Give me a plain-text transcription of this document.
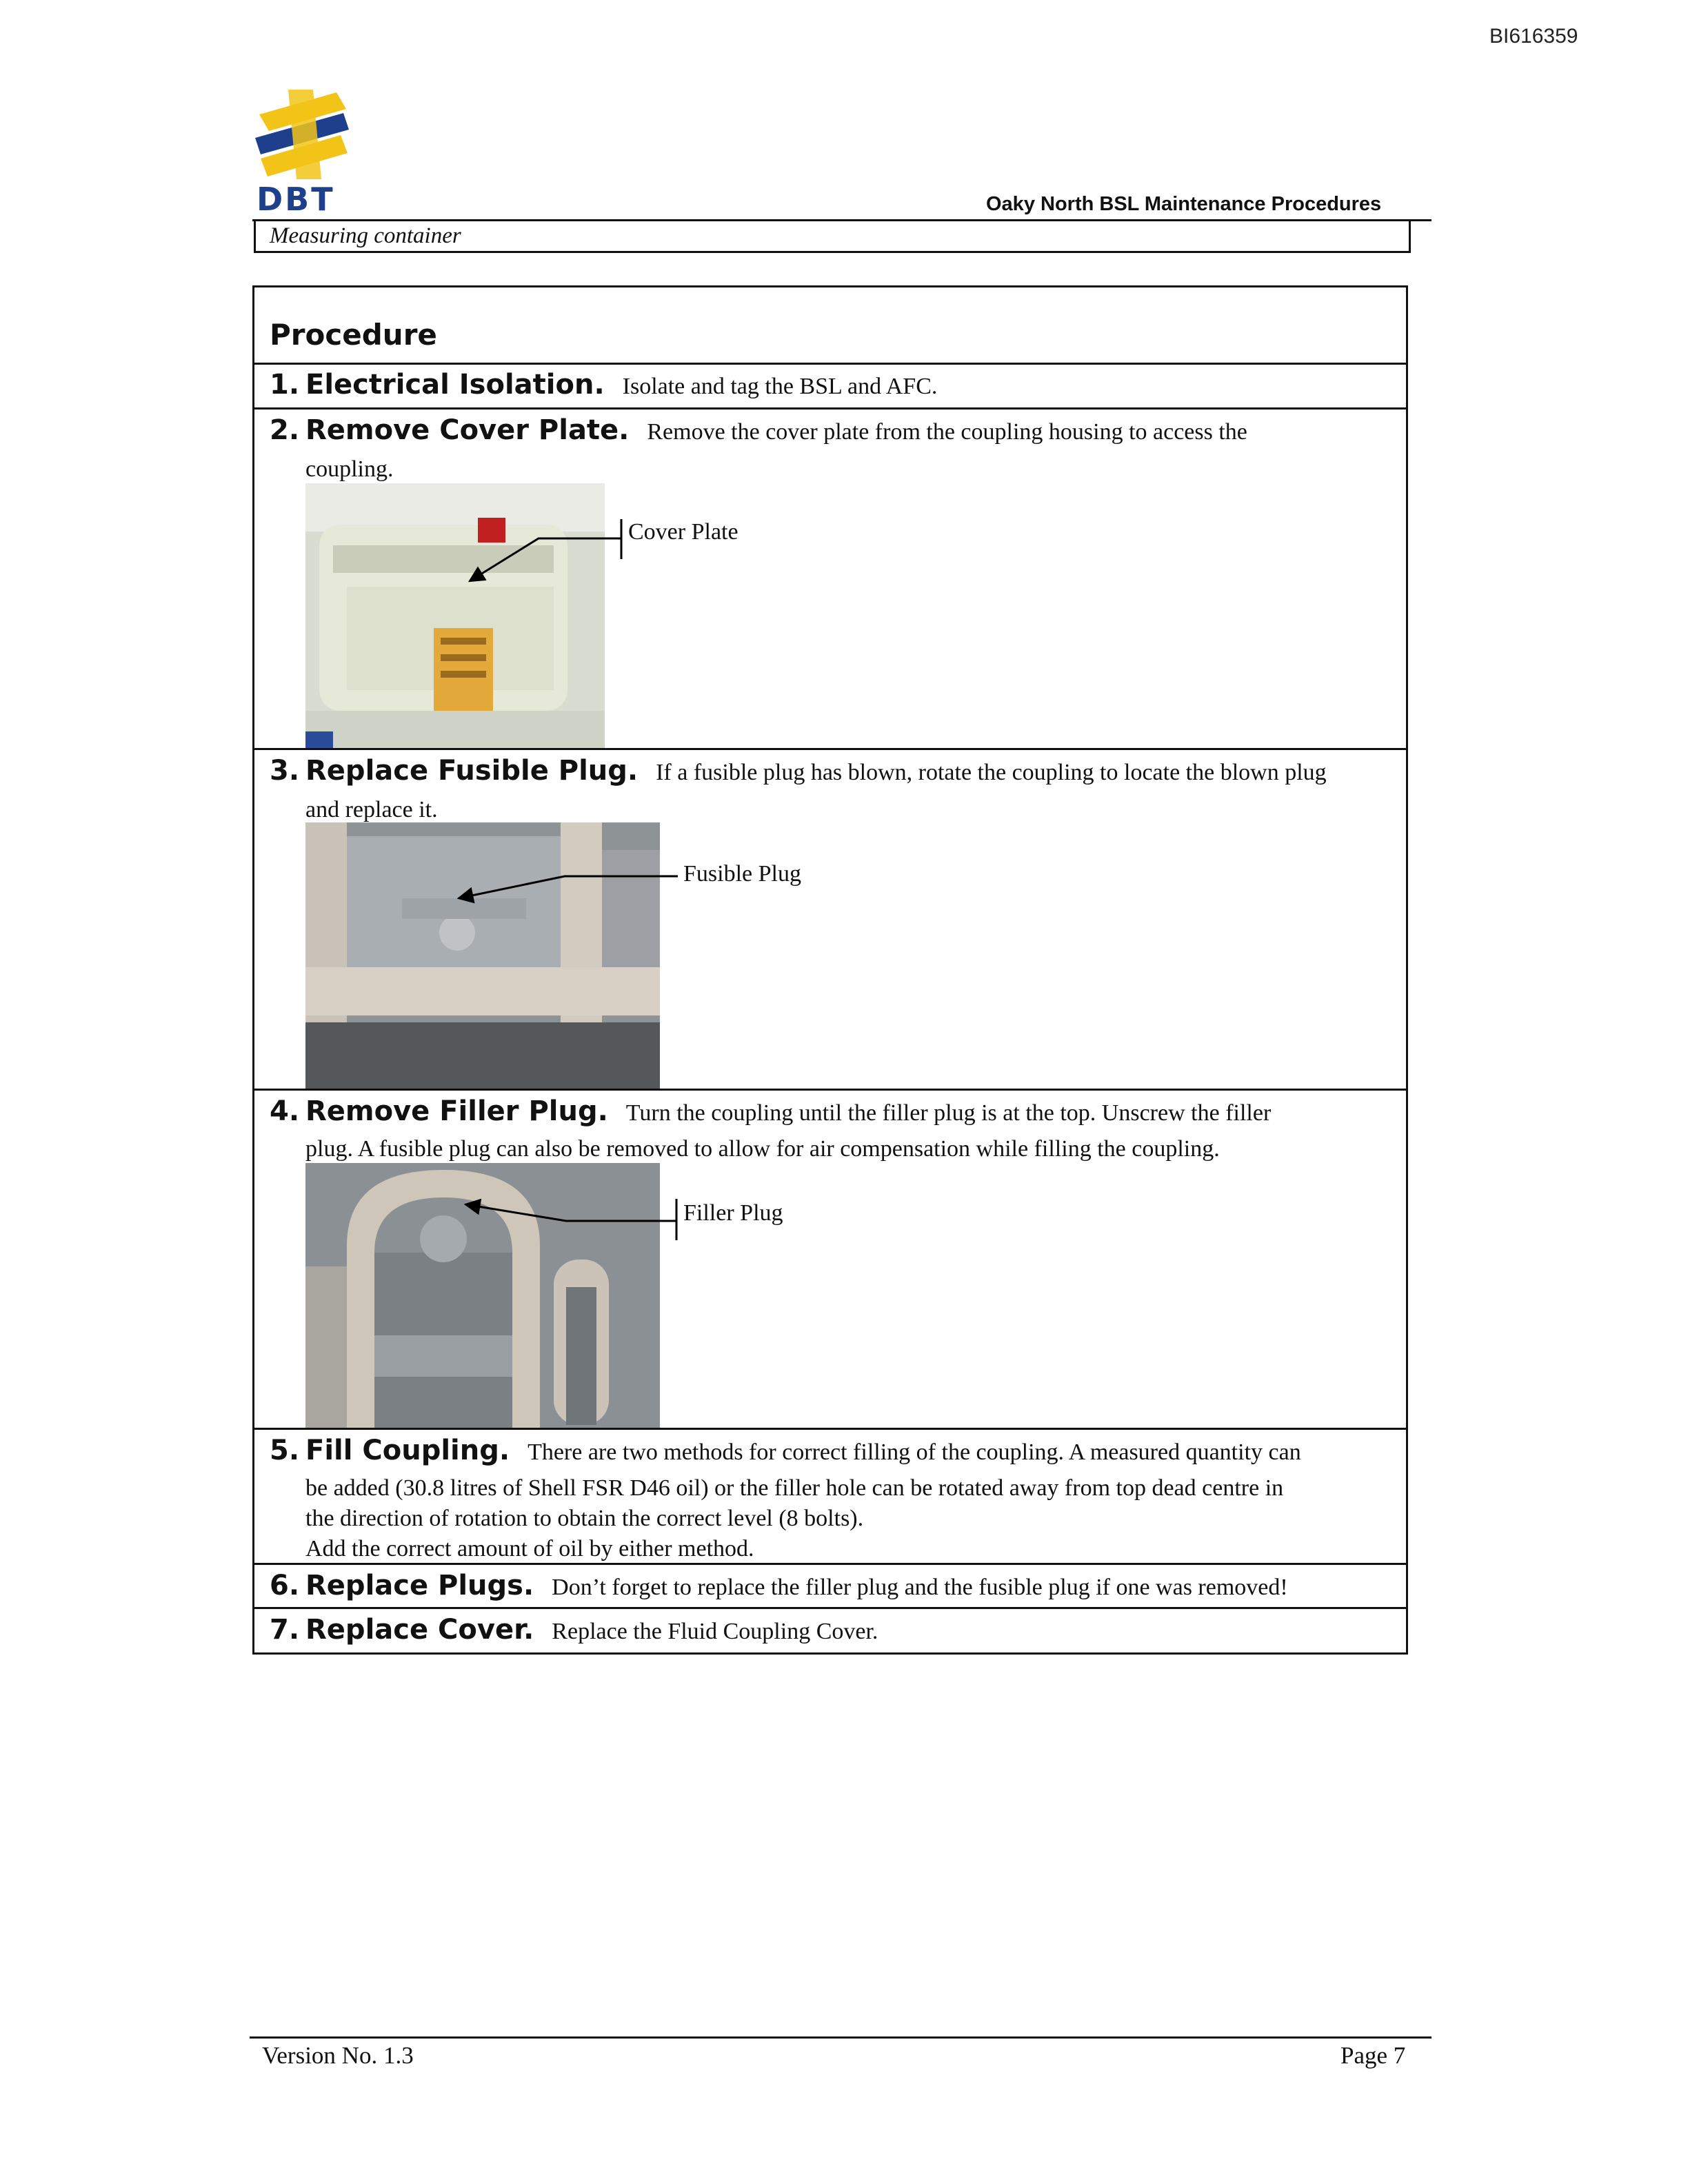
BI616359
DBT	Oaky North BSL Maintenance Procedures
Measuring container
Procedure
1. Electrical Isolation. Isolate and tag the BSL and AFC.
2. Remove Cover Plate. Remove the cover plate from the coupling housing to access the
coupling.
Cover Plate
3. Replace Fusible Plug. If a fusible plug has blown, rotate the coupling to locate the blown plug
and replace it.
Fusible Plug
4. Remove Filler Plug. Turn the coupling until the filler plug is at the top. Unscrew the filler
plug. A fusible plug can also be removed to allow for air compensation while filling the coupling.
Filler Plug
5. Fill Coupling. There are two methods for correct filling of the coupling. A measured quantity can
be added (30.8 litres of Shell FSR D46 oil) or the filler hole can be rotated away from top dead centre in
the direction of rotation to obtain the correct level (8 bolts).
Add the correct amount of oil by either method.
6. Replace Plugs. Don’t forget to replace the filler plug and the fusible plug if one was removed!
7. Replace Cover. Replace the Fluid Coupling Cover.
Version No. 1.3	Page 7
